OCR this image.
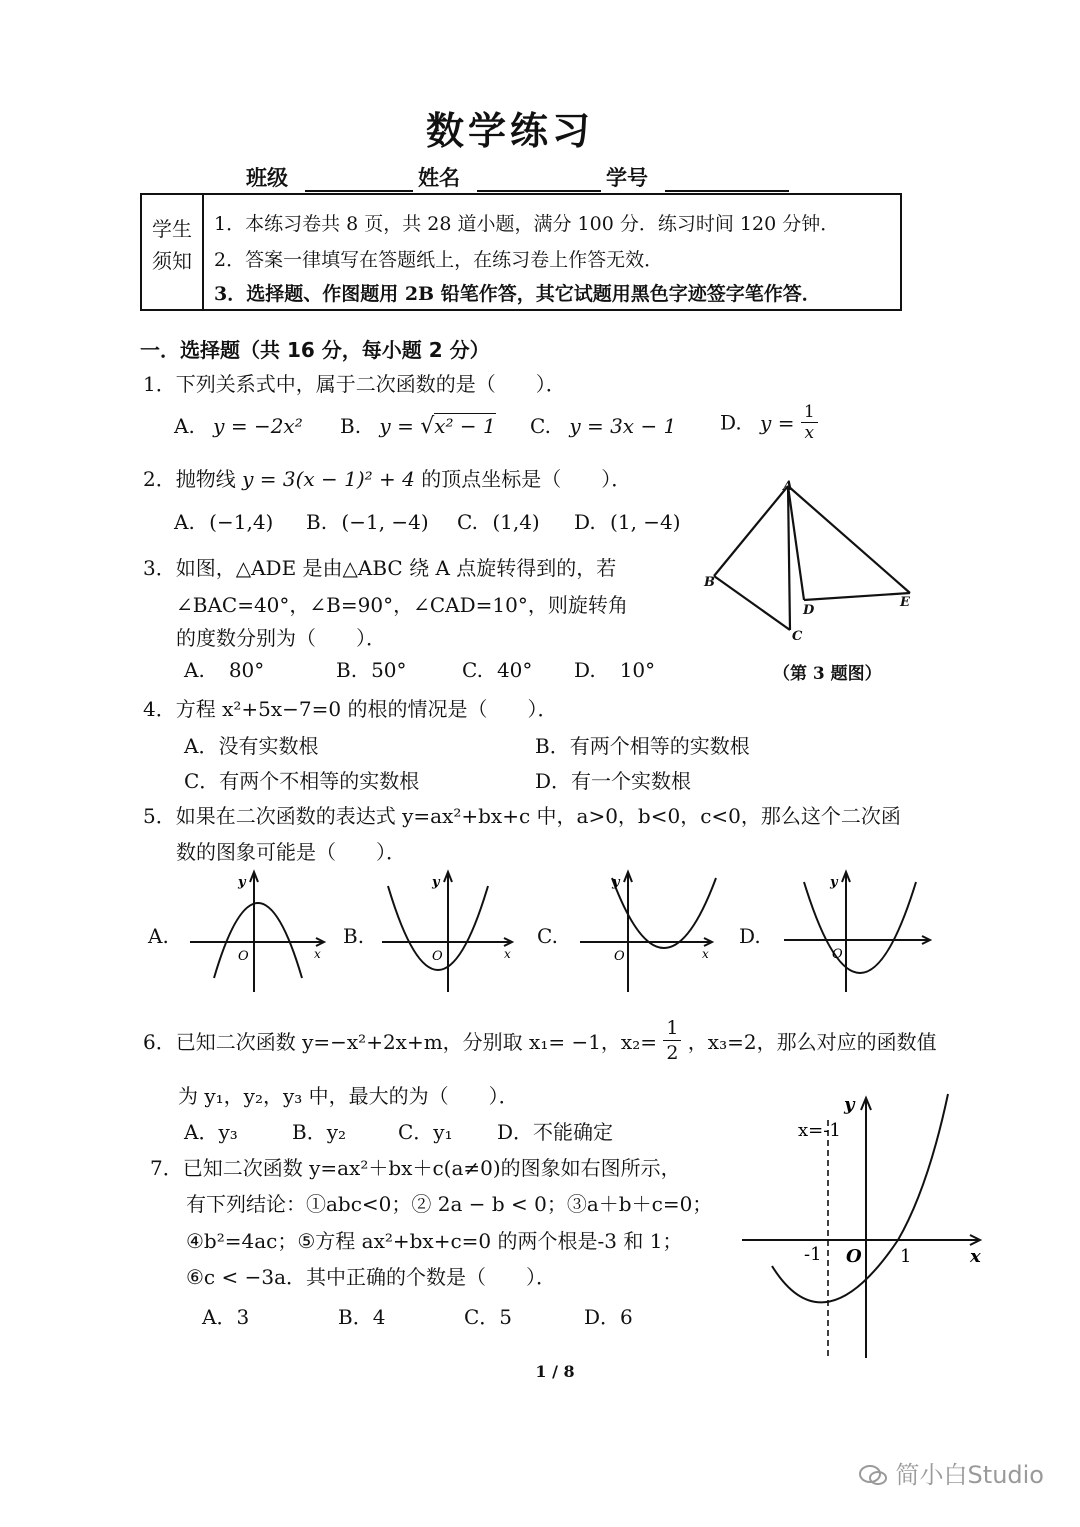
数学练习
班级	姓名	学号
学生
须知
1．本练习卷共 8 页，共 28 道小题，满分 100 分．练习时间 120 分钟．
2．答案一律填写在答题纸上，在练习卷上作答无效．
3．选择题、作图题用 2B 铅笔作答，其它试题用黑色字迹签字笔作答．
一．选择题（共 16 分，每小题 2 分）
1．下列关系式中，属于二次函数的是（　　）．
A. y = −2x² B. y = √x² − 1 C. y = 3x − 1 D. $y = \frac{1}{x}$
2．抛物线 y = 3(x − 1)² + 4 的顶点坐标是（　　）．
A. (−1,4) B. (−1, −4) C. (1,4) D. (1, −4)
3．如图，△ADE 是由△ABC 绕 A 点旋转得到的，若
∠BAC=40°，∠B=90°，∠CAD=10°，则旋转角
的度数分别为（　　）．
A. 80°	B. 50°	C. 40° D. 10°
A
B
C
D
E
（第 3 题图）
4．方程 x²+5x−7=0 的根的情况是（　　）．
A．没有实数根	B．有两个相等的实数根
C．有两个不相等的实数根	D．有一个实数根
5．如果在二次函数的表达式 y=ax²+bx+c 中，a>0，b<0，c<0，那么这个二次函
数的图象可能是（　　）．
A.	B.	C.	D.
O
y
x	O
y
x	O
y
x	O
y
6．已知二次函数 y=−x²+2x+m，分别取 x₁= −1，$x_2= \frac{1}{2}$ ，x₃=2，那么对应的函数值
为 y₁，y₂，y₃ 中，最大的为（　　）．
A．y₃	B．y₂	C．y₁ D．不能确定
7．已知二次函数 y=ax²＋bx＋c(a≠0)的图象如右图所示，
有下列结论：①abc<0；② 2a − b < 0；③a＋b＋c=0；
④b²=4ac；⑤方程 ax²+bx+c=0 的两个根是-3 和 1；
⑥c < −3a．其中正确的个数是（　　）．
A．3	B．4	C．5	D．6
x=-1
y
x
O
-1	1
1 / 8
简小白Studio
